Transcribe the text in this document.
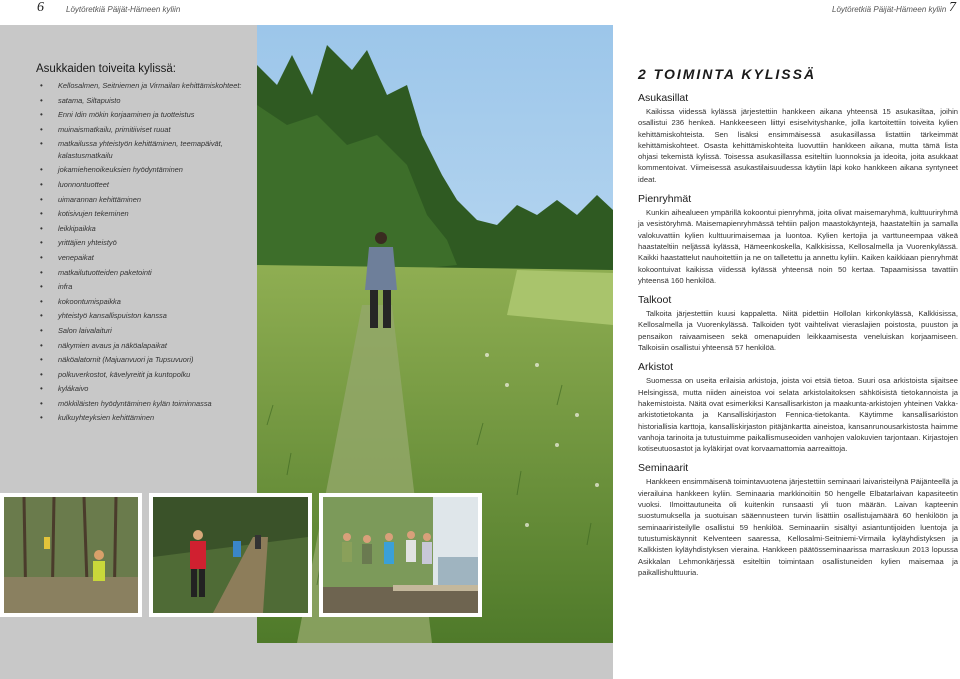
6	Löytöretkiä Päijät-Hämeen kyliin	Löytöretkiä Päijät-Hämeen kyliin 7
Asukkaiden toiveita kylissä:
• Kellosalmen, Seitniemen ja Virmailan kehittämiskohteet:
• satama, Siltapuisto
• Enni Idin mökin korjaaminen ja tuotteistus
• muinaismatkailu, primitiiviset ruuat
• matkailussa yhteistyön kehittäminen, teemapäivät, kalastusmatkailu
• jokamiehenoikeuksien hyödyntäminen
• luonnontuotteet
• uimarannan kehittäminen
• kotisivujen tekeminen
• leikkipaikka
• yrittäjien yhteistyö
• venepaikat
• matkailutuotteiden paketointi
• infra
• kokoontumispaikka
• yhteistyö kansallispuiston kanssa
• Salon laivalaituri
• näkymien avaus ja näköalapaikat
• näköalatornit (Majuanvuori ja Tupsuvuori)
• polkuverkostot, kävelyreitit ja kuntopolku
• kylákaivo
• mökkiläisten hyödyntäminen kylän toiminnassa
• kulkuyhteyksien kehittäminen
2 TOIMINTA KYLISSÄ
Asukasillat

Kaikissa viidessä kylässä järjestettiin hankkeen aikana yhteensä 15 asukasiltaa, joihin osallistui 236 henkeä. Hankkeeseen liittyi esiselvityshanke, jolla kartoitettiin toiveita kylien kehittämiskohteista. Sen lisäksi ensimmäisessä asukasillassa listattiin tärkeimmät kehittämiskohteet. Osasta kehittämiskohteita luovuttiin hankkeen aikana, mutta tämä lista ohjasi tekemistä kylissä. Toisessa asukasillassa esiteltiin luonnoksia ja ideoita, joita asukkaat kommentoivat. Viimeisessä asukastilaisuudessa käytiin läpi koko hankkeen aikana syntyneet ideat.

Pienryhmät

Kunkin aihealueen ympärillä kokoontui pienryhmä, joita olivat maisemaryhmä, kulttuuriryhmä ja vesistöryhmä. Maisemapienryhmässä tehtiin paljon maastokäyntejä, haastateltiin ja samalla valokuvattiin kylien kulttuurimaisemaa ja luontoa. Kylien kertojia ja varttuneempaa väkeä haastateltiin neljässä kylässä, Hämeenkoskella, Kalkkisissa, Kellosalmella ja Vuorenkylässä. Kaikki haastattelut nauhoitettiin ja ne on talletettu ja annettu kyliin. Kaiken kaikkiaan pienryhmät kokoontuivat kaikissa viidessä kylässä yhteensä noin 50 kertaa. Tapaamisissa tavattiin yhteensä 160 henkilöä.

Talkoot

Talkoita järjestettiin kuusi kappaletta. Niitä pidettiin Hollolan kirkonkylässä, Kalkkisissa, Kellosalmella ja Vuorenkylässä. Talkoiden työt vaihtelivat vieraslajien poistosta, puuston ja pensaikon raivaamiseen sekä omenapuiden leikkaamisesta veneluiskan korjaamiseen. Talkoisiin osallistui yhteensä 57 henkilöä.

Arkistot

Suomessa on useita erilaisia arkistoja, joista voi etsiä tietoa. Suuri osa arkistoista sijaitsee Helsingissä, mutta niiden aineistoa voi selata arkistolaitoksen sähköisistä tietokannoista ja hakemistoista. Näitä ovat esimerkiksi Kansallisarkiston ja maakunta-arkistojen yhteinen Vakka-arkistotietokanta ja Kansalliskirjaston Fennica-tietokanta. Käytimme kansallisarkiston historiallisia karttoja, kansalliskirjaston pitäjänkarttа aineistoa, kansanrunousarkistosta haimme vanhoja tarinoita ja tutustuimme paikallismuseoiden vanhojen valokuvien tarjontaan. Kirjastojen kotiseutuosastot ja kyläkirjat ovat korvaamattomia aarreaittoja.

Seminaarit

Hankkeen ensimmäisenä toimintavuotena järjestettiin seminaari laivaristeilynä Päijänteellä ja vierailuina hankkeen kyliin. Seminaaria markkinoitiin 50 hengelle Elbatarlaivan kapasiteetin vuoksi. Ilmoittautuneita oli kuitenkin runsaasti yli tuon määrän. Laivan kapteenin suostumuksella ja suotuisan sääennusteen turvin lisättiin osallistujamäärä 60 henkilöön ja seminaariristeilylle osallistui 59 henkilöä. Seminaariin sisältyi asiantuntijoiden luentoja ja tutustumiskäynnit Kelventeen saaressa, Kellosalmi-Seitniemi-Virmaila kyläyhdistyksen ja Kalkkisten kyläyhdistyksen vieraina. Hankkeen päätösseminaarissa marraskuun 2013 lopussa Asikkalan Lehmonkärjessä esiteltiin toimintaan osallistuneiden kylien maisemaa ja paikallishulttuuria.
